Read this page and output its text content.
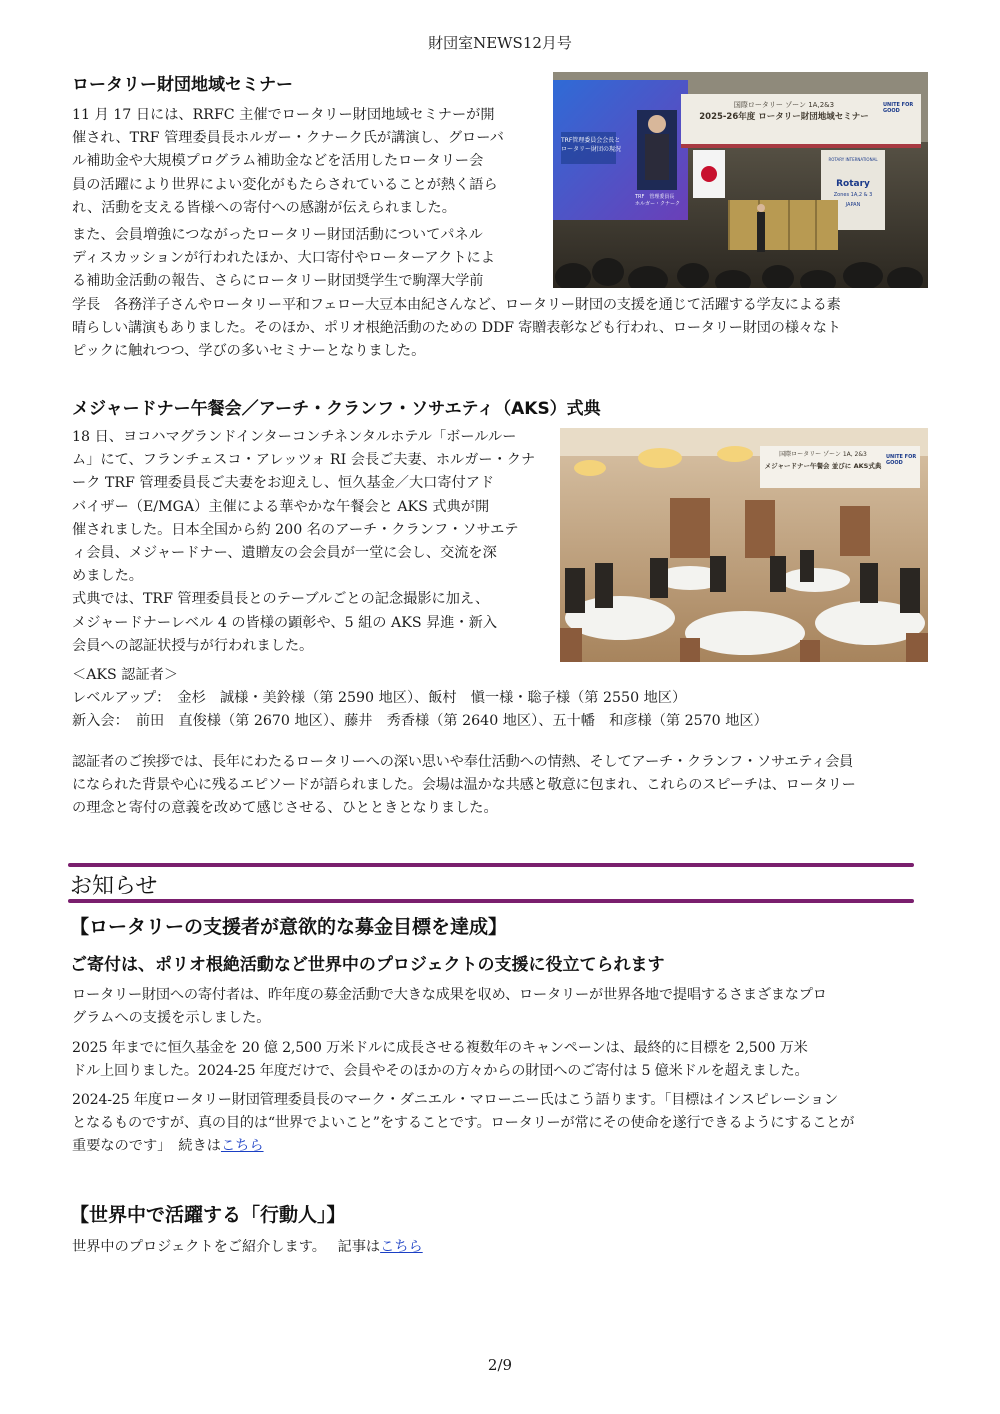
財団室NEWS12月号
ロータリー財団地域セミナー

11 月 17 日には、RRFC 主催でロータリー財団地域セミナーが開

催され、TRF 管理委員長ホルガー・クナーク氏が講演し、グローバ

ル補助金や大規模プログラム補助金などを活用したロータリー会

員の活躍により世界によい変化がもたらされていることが熱く語ら

れ、活動を支える皆様への寄付への感謝が伝えられました。

また、会員増強につながったロータリー財団活動についてパネル

ディスカッションが行われたほか、大口寄付やローターアクトによ

る補助金活動の報告、さらにロータリー財団奨学生で駒澤大学前

学長　各務洋子さんやロータリー平和フェロー大豆本由紀さんなど、ロータリー財団の支援を通じて活躍する学友による素

晴らしい講演もありました。そのほか、ポリオ根絶活動のための DDF 寄贈表彰なども行われ、ロータリー財団の様々なト

ピックに触れつつ、学びの多いセミナーとなりました。

TRF管理委員会会長と
ロータリー財団の現況
TRF　管理委員長
ホルガー・クナーク
国際ロータリー ゾーン 1A,2&3
2025-26年度 ロータリー財団地域セミナー
UNITE FOR GOOD
ROTARY INTERNATIONAL
Rotary
Zones 1A,2 & 3
JAPAN
メジャードナー午餐会／アーチ・クランフ・ソサエティ（AKS）式典

18 日、ヨコハマグランドインターコンチネンタルホテル「ボールルー

ム」にて、フランチェスコ・アレッツォ RI 会長ご夫妻、ホルガー・クナ

ーク TRF 管理委員長ご夫妻をお迎えし、恒久基金／大口寄付アド

バイザー（E/MGA）主催による華やかな午餐会と AKS 式典が開

催されました。日本全国から約 200 名のアーチ・クランフ・ソサエテ

ィ会員、メジャードナー、遺贈友の会会員が一堂に会し、交流を深

めました。

式典では、TRF 管理委員長とのテーブルごとの記念撮影に加え、

メジャードナーレベル 4 の皆様の顕彰や、5 組の AKS 昇進・新入

会員への認証状授与が行われました。

国際ロータリー ゾーン 1A, 2&3
メジャードナー午餐会 並びに AKS式典
UNITE FOR GOOD

＜AKS 認証者＞

レベルアップ：　金杉　誠様・美鈴様（第 2590 地区）、飯村　愼一様・聡子様（第 2550 地区）

新入会：　前田　直俊様（第 2670 地区）、藤井　秀香様（第 2640 地区）、五十幡　和彦様（第 2570 地区）

認証者のご挨拶では、長年にわたるロータリーへの深い思いや奉仕活動への情熱、そしてアーチ・クランフ・ソサエティ会員

になられた背景や心に残るエピソードが語られました。会場は温かな共感と敬意に包まれ、これらのスピーチは、ロータリー

の理念と寄付の意義を改めて感じさせる、ひとときとなりました。

お知らせ
【ロータリーの支援者が意欲的な募金目標を達成】
ご寄付は、ポリオ根絶活動など世界中のプロジェクトの支援に役立てられます

ロータリー財団への寄付者は、昨年度の募金活動で大きな成果を収め、ロータリーが世界各地で提唱するさまざまなプロ

グラムへの支援を示しました。

2025 年までに恒久基金を 20 億 2,500 万米ドルに成長させる複数年のキャンペーンは、最終的に目標を 2,500 万米

ドル上回りました。2024-25 年度だけで、会員やそのほかの方々からの財団へのご寄付は 5 億米ドルを超えました。

2024-25 年度ロータリー財団管理委員長のマーク・ダニエル・マローニー氏はこう語ります。「目標はインスピレーション

となるものですが、真の目的は“世界でよいこと”をすることです。ロータリーが常にその使命を遂行できるようにすることが

重要なのです」　続きはこちら

【世界中で活躍する「行動人」】

世界中のプロジェクトをご紹介します。　 記事はこちら

2/9
